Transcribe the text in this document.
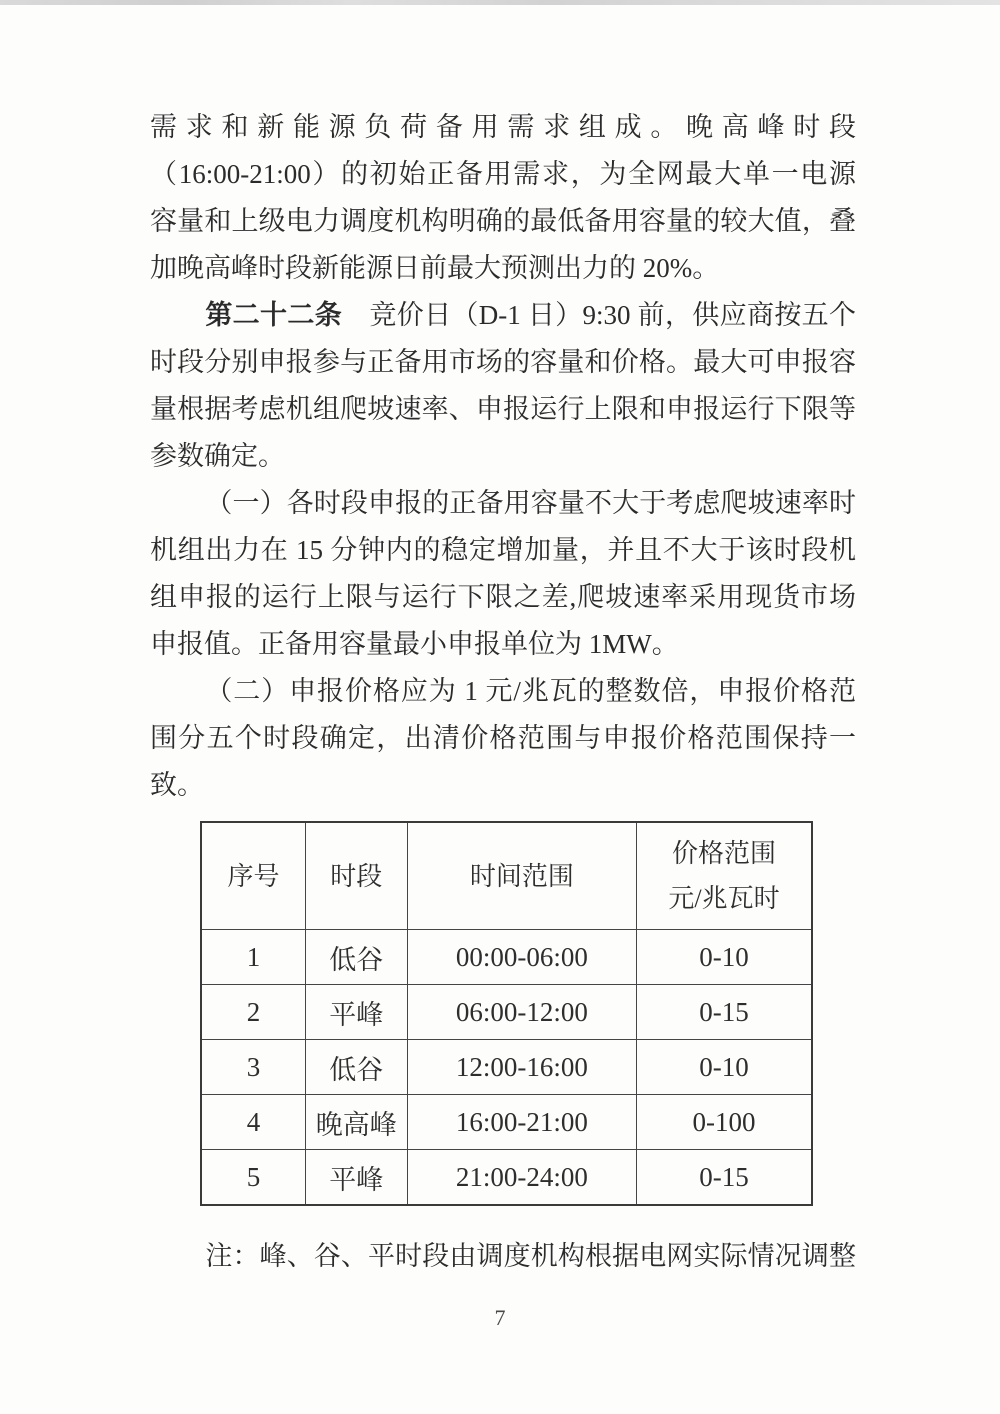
需求和新能源负荷备用需求组成。晚高峰时段
（16:00-21:00）的初始正备用需求，为全网最大单一电源
容量和上级电力调度机构明确的最低备用容量的较大值，叠
加晚高峰时段新能源日前最大预测出力的 20%。
第二十二条　竞价日（D-1 日）9:30 前，供应商按五个
时段分别申报参与正备用市场的容量和价格。最大可申报容
量根据考虑机组爬坡速率、申报运行上限和申报运行下限等
参数确定。
（一）各时段申报的正备用容量不大于考虑爬坡速率时
机组出力在 15 分钟内的稳定增加量，并且不大于该时段机
组申报的运行上限与运行下限之差,爬坡速率采用现货市场
申报值。正备用容量最小申报单位为 1MW。
（二）申报价格应为 1 元/兆瓦的整数倍，申报价格范
围分五个时段确定，出清价格范围与申报价格范围保持一
致。
序号	时段	时间范围	价格范围
元/兆瓦时

1	低谷	00:00-06:00	0-10
2	平峰	06:00-12:00	0-15
3	低谷	12:00-16:00	0-10
4	晚高峰	16:00-21:00	0-100
5	平峰	21:00-24:00	0-15
注：峰、谷、平时段由调度机构根据电网实际情况调整
7
